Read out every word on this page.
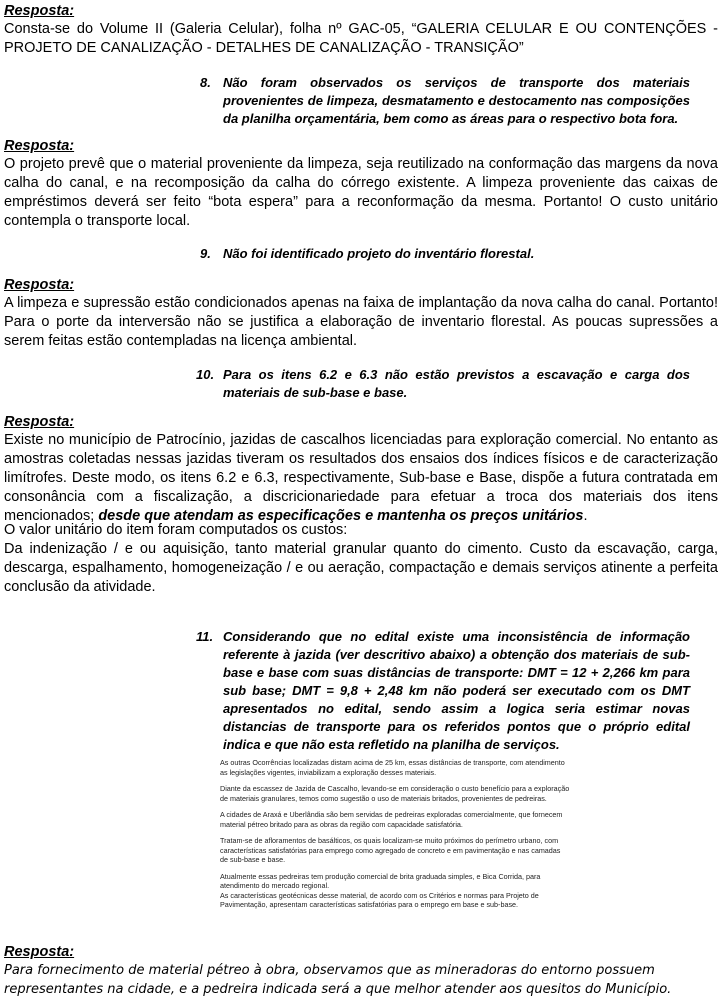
Resposta:
Consta-se do Volume II (Galeria Celular), folha nº GAC-05, “GALERIA CELULAR E OU CONTENÇÕES - PROJETO DE CANALIZAÇÃO - DETALHES DE CANALIZAÇÃO - TRANSIÇÃO”
8. Não foram observados os serviços de transporte dos materiais provenientes de limpeza, desmatamento e destocamento nas composições da planilha orçamentária, bem como as áreas para o respectivo bota fora.
Resposta:
O projeto prevê que o material proveniente da limpeza, seja reutilizado na conformação das margens da nova calha do canal, e na recomposição da calha do córrego existente. A limpeza proveniente das caixas de empréstimos deverá ser feito “bota espera” para a reconformação da mesma. Portanto! O custo unitário contempla o transporte local.
9. Não foi identificado projeto do inventário florestal.
Resposta:
A limpeza e supressão estão condicionados apenas na faixa de implantação da nova calha do canal. Portanto! Para o porte da interversão não se justifica a elaboração de inventario florestal. As poucas supressões a serem feitas estão contempladas na licença ambiental.
10. Para os itens 6.2 e 6.3 não estão previstos a escavação e carga dos materiais de sub-base e base.
Resposta:
Existe no município de Patrocínio, jazidas de cascalhos licenciadas para exploração comercial. No entanto as amostras coletadas nessas jazidas tiveram os resultados dos ensaios dos índices físicos e de caracterização limítrofes. Deste modo, os itens 6.2 e 6.3, respectivamente, Sub-base e Base, dispõe a futura contratada em consonância com a fiscalização, a discricionariedade para efetuar a troca dos materiais dos itens mencionados; desde que atendam as especificações e mantenha os preços unitários.
O valor unitário do item foram computados os custos:
Da indenização / e ou aquisição, tanto material granular quanto do cimento. Custo da escavação, carga, descarga, espalhamento, homogeneização / e ou aeração, compactação e demais serviços atinente a perfeita conclusão da atividade.
11. Considerando que no edital existe uma inconsistência de informação referente à jazida (ver descritivo abaixo) a obtenção dos materiais de sub-base e base com suas distâncias de transporte: DMT = 12 + 2,266 km para sub base; DMT = 9,8 + 2,48 km não poderá ser executado com os DMT apresentados no edital, sendo assim a logica seria estimar novas distancias de transporte para os referidos pontos que o próprio edital indica e que não esta refletido na planilha de serviços.

As outras Ocorrências localizadas distam acima de 25 km, essas distâncias de transporte, com atendimento as legislações vigentes, inviabilizam a exploração desses materiais.

Diante da escassez de Jazida de Cascalho, levando-se em consideração o custo benefício para a exploração de materiais granulares, temos como sugestão o uso de materiais britados, provenientes de pedreiras.

A cidades de Araxá e Uberlândia são bem servidas de pedreiras exploradas comercialmente, que fornecem material pétreo britado para as obras da região com capacidade satisfatória.

Tratam-se de afloramentos de basálticos, os quais localizam-se muito próximos do perímetro urbano, com características satisfatórias para emprego como agregado de concreto e em pavimentação e nas camadas de sub-base e base.

Atualmente essas pedreiras tem produção comercial de brita graduada simples, e Bica Corrida, para atendimento do mercado regional.

As características geotécnicas desse material, de acordo com os Critérios e normas para Projeto de Pavimentação, apresentam características satisfatórias para o emprego em base e sub-base.

Resposta:
Para fornecimento de material pétreo à obra, observamos que as mineradoras do entorno possuem representantes na cidade, e a pedreira indicada será a que melhor atender aos quesitos do Município.
